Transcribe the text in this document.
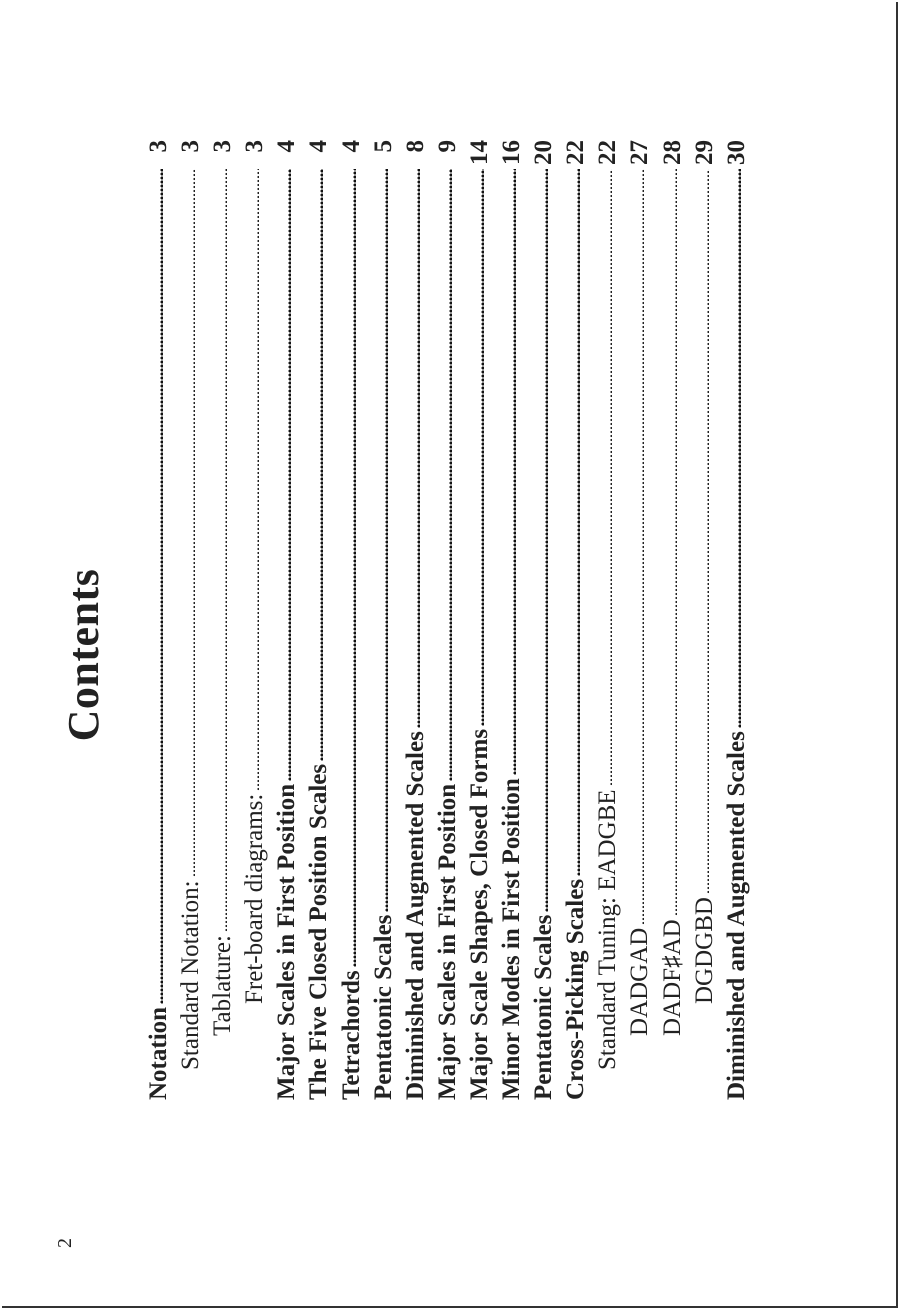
2
Contents
Notation
3
Standard Notation:
3
Tablature:
3
Fret-board diagrams:
3
Major Scales in First Position
4
The Five Closed Position Scales
4
Tetrachords
4
Pentatonic Scales
5
Diminished and Augmented Scales
8
Major Scales in First Position
9
Major Scale Shapes, Closed Forms
14
Minor Modes in First Position
16
Pentatonic Scales
20
Cross-Picking Scales
22
Standard Tuning: EADGBE
22
DADGAD
27
DADF♯AD
28
DGDGBD
29
Diminished and Augmented Scales
30
